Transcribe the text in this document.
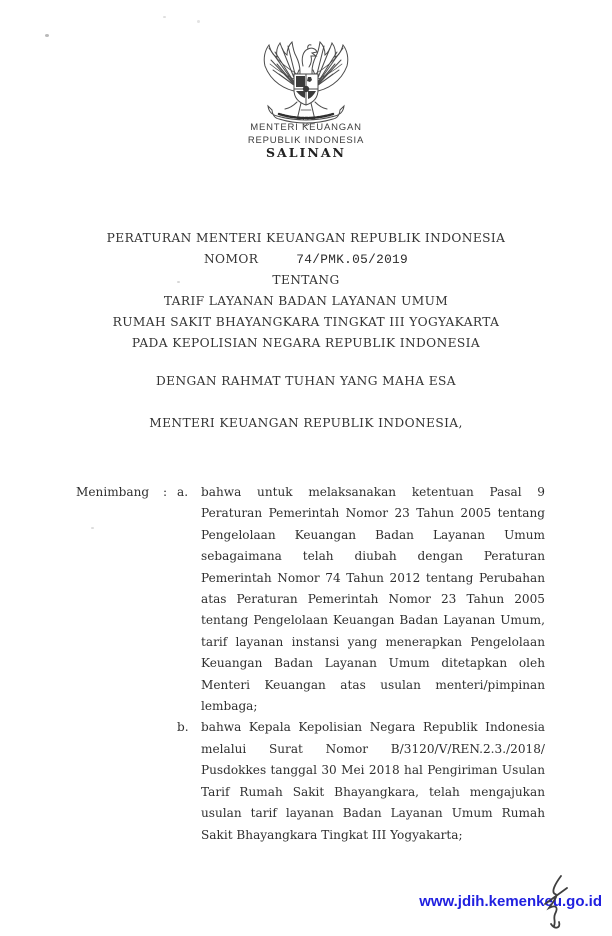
MENTERI KEUANGAN
REPUBLIK INDONESIA
SALINAN
PERATURAN MENTERI KEUANGAN REPUBLIK INDONESIA
NOMOR	74/PMK.05/2019
TENTANG
TARIF LAYANAN BADAN LAYANAN UMUM
RUMAH SAKIT BHAYANGKARA TINGKAT III YOGYAKARTA
PADA KEPOLISIAN NEGARA REPUBLIK INDONESIA
DENGAN RAHMAT TUHAN YANG MAHA ESA
MENTERI KEUANGAN REPUBLIK INDONESIA,
Menimbang	: a.	bahwa untuk melaksanakan ketentuan Pasal 9 Peraturan Pemerintah Nomor 23 Tahun 2005 tentang Pengelolaan Keuangan Badan Layanan Umum sebagaimana telah diubah dengan Peraturan Pemerintah Nomor 74 Tahun 2012 tentang Perubahan atas Peraturan Pemerintah Nomor 23 Tahun 2005 tentang Pengelolaan Keuangan Badan Layanan Umum, tarif layanan instansi yang menerapkan Pengelolaan Keuangan Badan Layanan Umum ditetapkan oleh Menteri Keuangan atas usulan menteri/pimpinan lembaga;
b.	bahwa Kepala Kepolisian Negara Republik Indonesia melalui Surat Nomor B/3120/V/REN.2.3./2018/ Pusdokkes tanggal 30 Mei 2018 hal Pengiriman Usulan Tarif Rumah Sakit Bhayangkara, telah mengajukan usulan tarif layanan Badan Layanan Umum Rumah Sakit Bhayangkara Tingkat III Yogyakarta;
www.jdih.kemenkeu.go.id
